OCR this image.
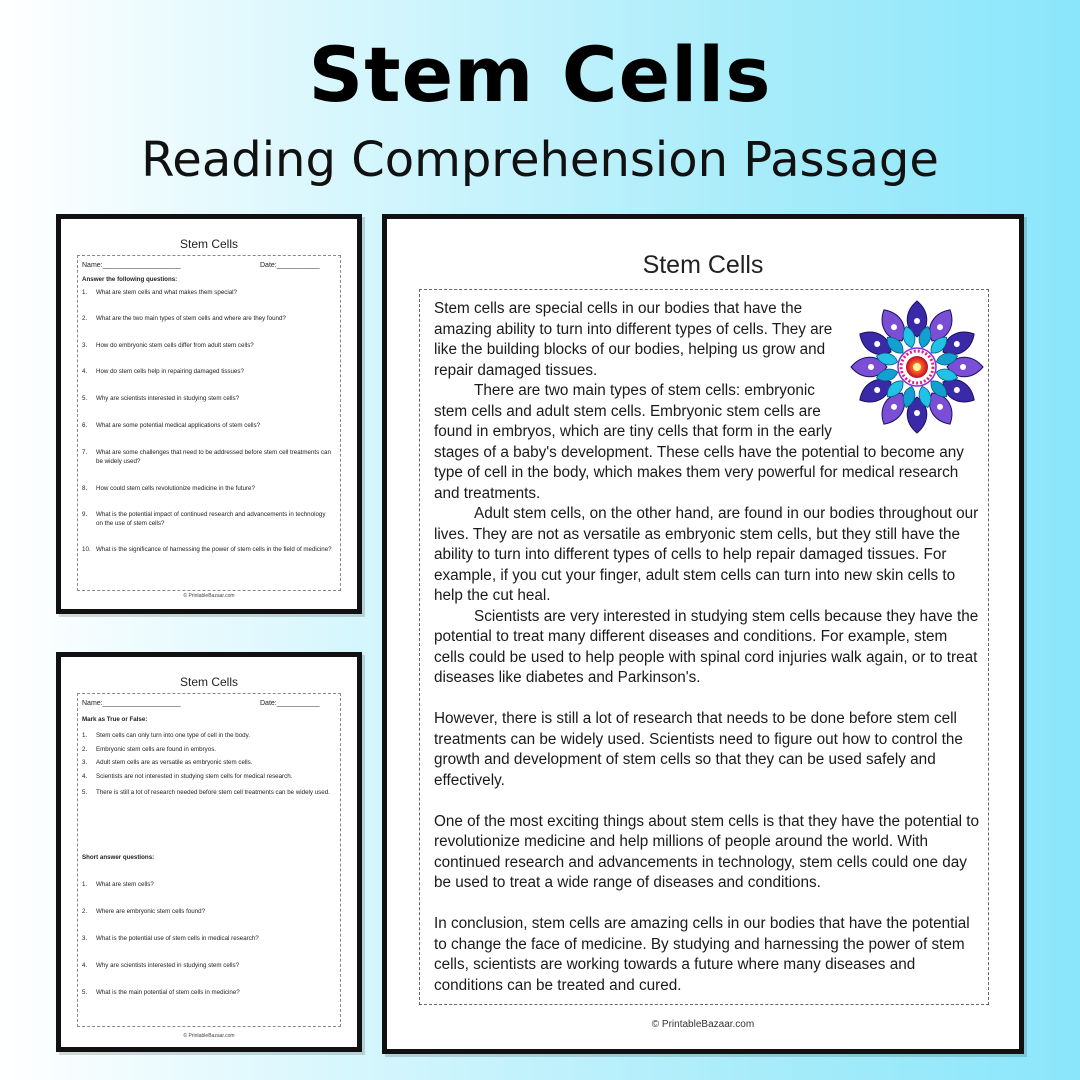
Stem Cells
Reading Comprehension Passage
Stem Cells
Name:____________________	Date:___________
Answer the following questions:
1. What are stem cells and what makes them special?
2. What are the two main types of stem cells and where are they found?
3. How do embryonic stem cells differ from adult stem cells?
4. How do stem cells help in repairing damaged tissues?
5. Why are scientists interested in studying stem cells?
6. What are some potential medical applications of stem cells?
7. What are some challenges that need to be addressed before stem cell treatments can be widely used?
8. How could stem cells revolutionize medicine in the future?
9. What is the potential impact of continued research and advancements in technology on the use of stem cells?
10. What is the significance of harnessing the power of stem cells in the field of medicine?
© PrintableBazaar.com
Stem Cells
Name:____________________	Date:___________
Mark as True or False:
1. Stem cells can only turn into one type of cell in the body.
2. Embryonic stem cells are found in embryos.
3. Adult stem cells are as versatile as embryonic stem cells.
4. Scientists are not interested in studying stem cells for medical research.
5. There is still a lot of research needed before stem cell treatments can be widely used.
Short answer questions:
1. What are stem cells?
2. Where are embryonic stem cells found?
3. What is the potential use of stem cells in medical research?
4. Why are scientists interested in studying stem cells?
5. What is the main potential of stem cells in medicine?
© PrintableBazaar.com
Stem Cells

Stem cells are special cells in our bodies that have the amazing ability to turn into different types of cells. They are like the building blocks of our bodies, helping us grow and repair damaged tissues.

There are two main types of stem cells: embryonic stem cells and adult stem cells. Embryonic stem cells are found in embryos, which are tiny cells that form in the early stages of a baby's development. These cells have the potential to become any type of cell in the body, which makes them very powerful for medical research and treatments.

Adult stem cells, on the other hand, are found in our bodies throughout our lives. They are not as versatile as embryonic stem cells, but they still have the ability to turn into different types of cells to help repair damaged tissues. For example, if you cut your finger, adult stem cells can turn into new skin cells to help the cut heal.

Scientists are very interested in studying stem cells because they have the potential to treat many different diseases and conditions. For example, stem cells could be used to help people with spinal cord injuries walk again, or to treat diseases like diabetes and Parkinson's.

However, there is still a lot of research that needs to be done before stem cell treatments can be widely used. Scientists need to figure out how to control the growth and development of stem cells so that they can be used safely and effectively.

One of the most exciting things about stem cells is that they have the potential to revolutionize medicine and help millions of people around the world. With continued research and advancements in technology, stem cells could one day be used to treat a wide range of diseases and conditions.

In conclusion, stem cells are amazing cells in our bodies that have the potential to change the face of medicine. By studying and harnessing the power of stem cells, scientists are working towards a future where many diseases and conditions can be treated and cured.

© PrintableBazaar.com
